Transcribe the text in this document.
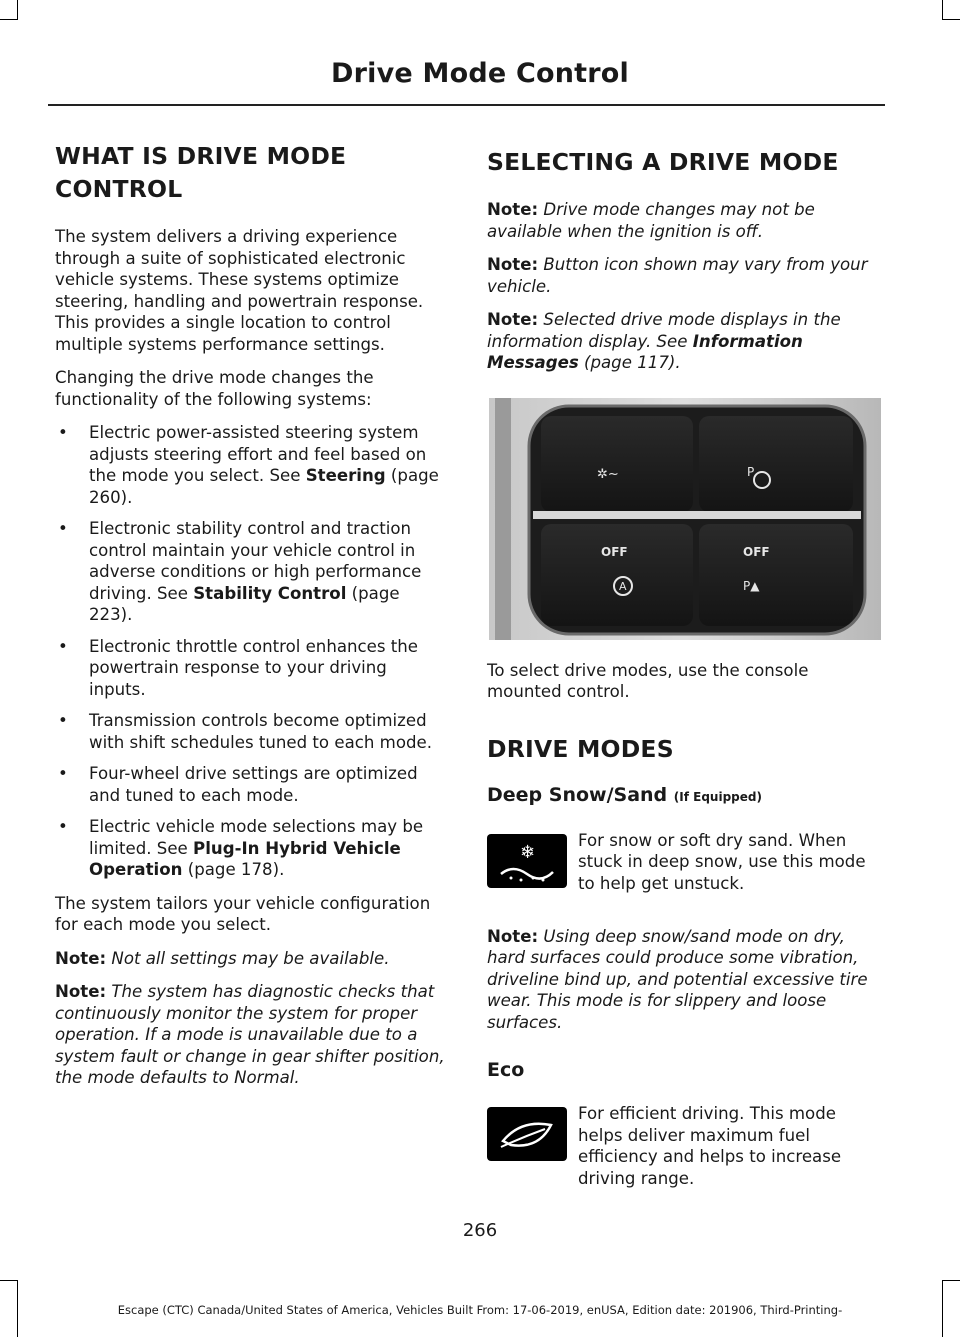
Drive Mode Control
WHAT IS DRIVE MODE CONTROL

The system delivers a driving experience through a suite of sophisticated electronic vehicle systems. These systems optimize steering, handling and powertrain response. This provides a single location to control multiple systems performance settings.

Changing the drive mode changes the functionality of the following systems:

• Electric power-assisted steering system adjusts steering effort and feel based on the mode you select. See Steering (page 260).
• Electronic stability control and traction control maintain your vehicle control in adverse conditions or high performance driving. See Stability Control (page 223).
• Electronic throttle control enhances the powertrain response to your driving inputs.
• Transmission controls become optimized with shift schedules tuned to each mode.
• Four-wheel drive settings are optimized and tuned to each mode.
• Electric vehicle mode selections may be limited. See Plug-In Hybrid Vehicle Operation (page 178).

The system tailors your vehicle configuration for each mode you select.

Note: Not all settings may be available.

Note: The system has diagnostic checks that continuously monitor the system for proper operation. If a mode is unavailable due to a system fault or change in gear shifter position, the mode defaults to Normal.

SELECTING A DRIVE MODE

Note: Drive mode changes may not be available when the ignition is off.

Note: Button icon shown may vary from your vehicle.

Note: Selected drive mode displays in the information display. See Information Messages (page 117).

✲~	P
OFF
A
OFF
P▲

To select drive modes, use the console mounted control.

DRIVE MODES
Deep Snow/Sand (If Equipped)
❄

For snow or soft dry sand. When stuck in deep snow, use this mode to help get unstuck.

Note: Using deep snow/sand mode on dry, hard surfaces could produce some vibration, driveline bind up, and potential excessive tire wear. This mode is for slippery and loose surfaces.

Eco

For efficient driving. This mode helps deliver maximum fuel efficiency and helps to increase driving range.

266
Escape (CTC) Canada/United States of America, Vehicles Built From: 17-06-2019, enUSA, Edition date: 201906, Third-Printing-
